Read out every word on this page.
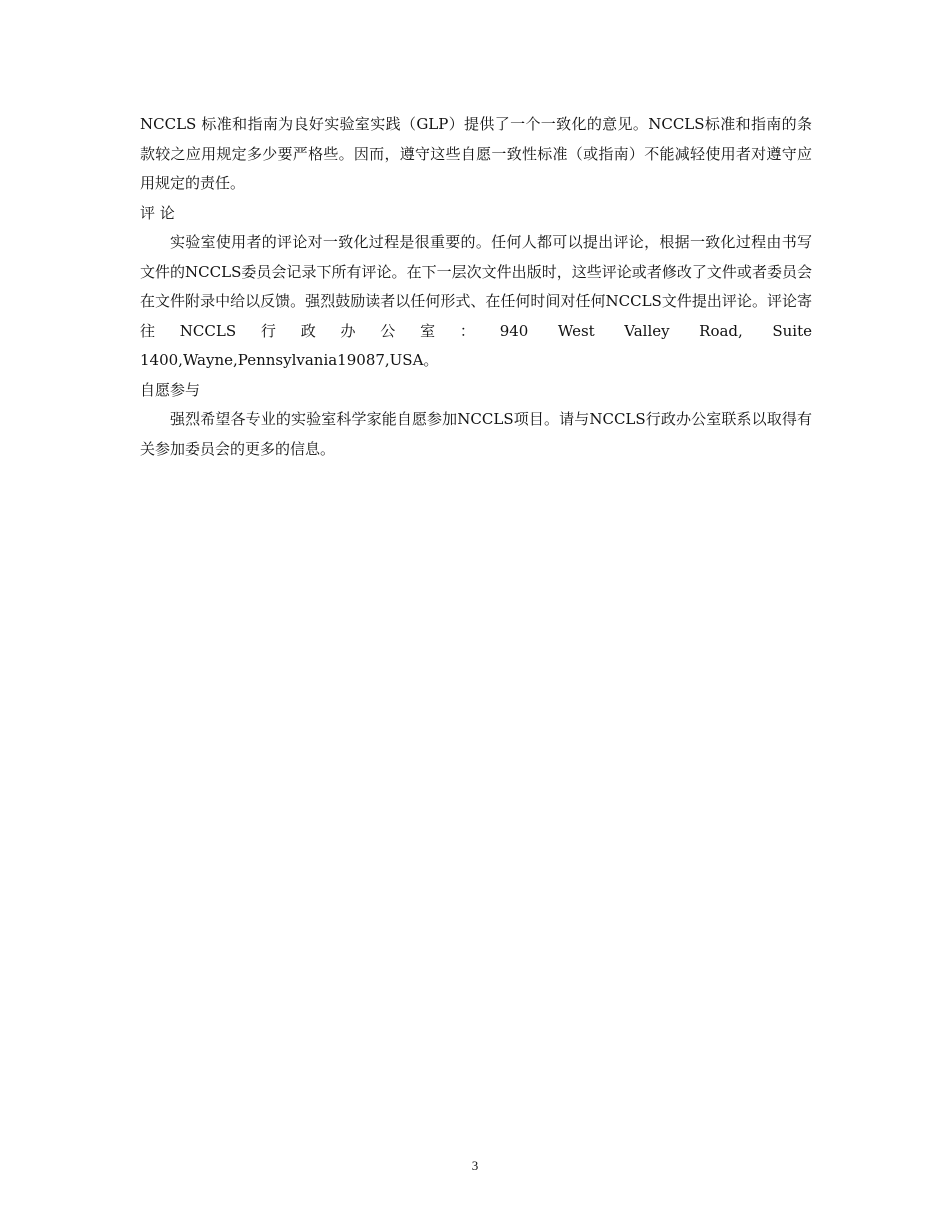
NCCLS 标准和指南为良好实验室实践（GLP）提供了一个一致化的意见。NCCLS标准和指南的条款较之应用规定多少要严格些。因而，遵守这些自愿一致性标准（或指南）不能减轻使用者对遵守应用规定的责任。

评 论

实验室使用者的评论对一致化过程是很重要的。任何人都可以提出评论，根据一致化过程由书写文件的NCCLS委员会记录下所有评论。在下一层次文件出版时，这些评论或者修改了文件或者委员会在文件附录中给以反馈。强烈鼓励读者以任何形式、在任何时间对任何NCCLS文件提出评论。评论寄往NCCLS行政办公室：940 West Valley Road, Suite 1400,Wayne,Pennsylvania19087,USA。

自愿参与

强烈希望各专业的实验室科学家能自愿参加NCCLS项目。请与NCCLS行政办公室联系以取得有关参加委员会的更多的信息。

3
